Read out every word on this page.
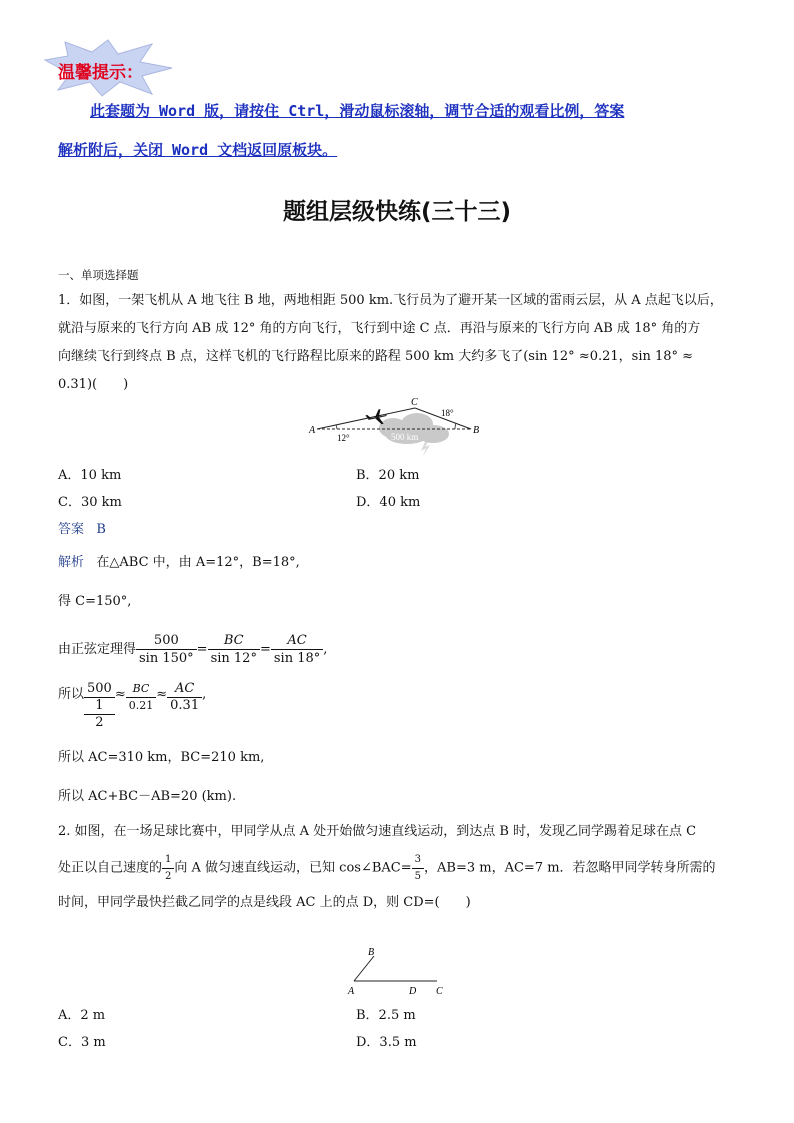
温馨提示：
此套题为 Word 版，请按住 Ctrl，滑动鼠标滚轴，调节合适的观看比例，答案
解析附后，关闭 Word 文档返回原板块。
题组层级快练(三十三)
一、单项选择题
1．如图，一架飞机从 A 地飞往 B 地，两地相距 500 km.飞行员为了避开某一区域的雷雨云层，从 A 点起飞以后，
就沿与原来的飞行方向 AB 成 12° 角的方向飞行，飞行到中途 C 点．再沿与原来的飞行方向 AB 成 18° 角的方
向继续飞行到终点 B 点，这样飞机的飞行路程比原来的路程 500 km 大约多飞了(sin 12° ≈0.21，sin 18° ≈
0.31)(　　)
A	B
C
12°
18°
500 km
A．10 km	B．20 km
C．30 km	D．40 km
答案 B
解析 在△ABC 中，由 A=12°，B=18°,
得 C=150°,
由正弦定理得 $\frac{500}{\sin 150^\circ} = \frac{BC}{\sin 12^\circ} = \frac{AC}{\sin 18^\circ}$ ,
所以 500
1
2
≈ $\frac{BC}{0.21} \approx \frac{AC}{0.31}$ ,
所以 AC=310 km，BC=210 km,
所以 AC+BC－AB=20 (km).
2. 如图，在一场足球比赛中，甲同学从点 A 处开始做匀速直线运动，到达点 B 时，发现乙同学踢着足球在点 C
处正以自己速度的 $\frac{1}{2}$ 向 A 做匀速直线运动，已知 cos∠BAC= $\frac{3}{5}$ ，AB=3 m，AC=7 m．若忽略甲同学转身所需的
时间，甲同学最快拦截乙同学的点是线段 AC 上的点 D，则 CD=(　　)
B
A	D C
A．2 m	B．2.5 m
C．3 m	D．3.5 m
